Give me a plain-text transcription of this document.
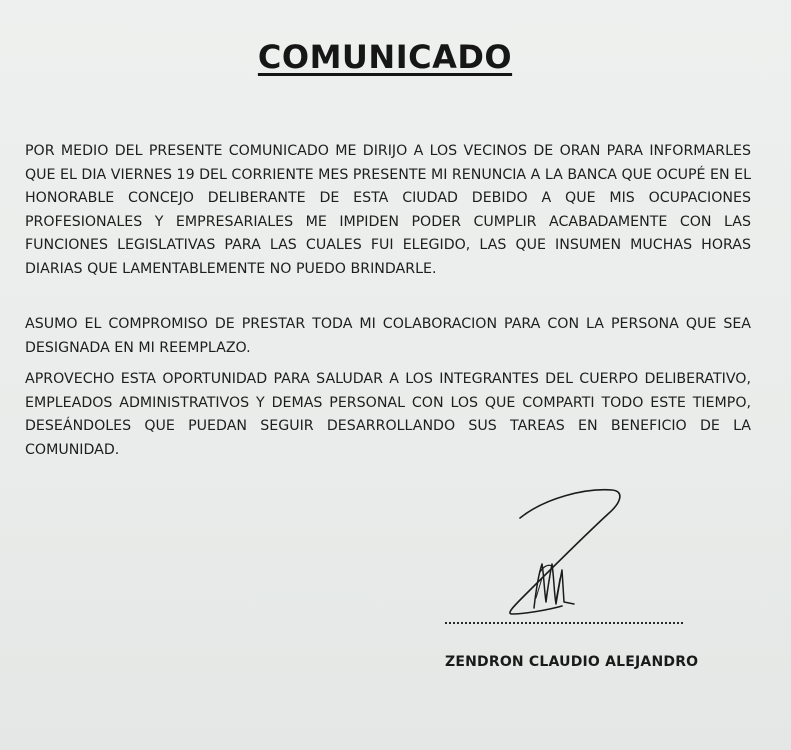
COMUNICADO
POR MEDIO DEL PRESENTE COMUNICADO ME DIRIJO A LOS VECINOS DE ORAN PARA INFORMARLES QUE EL DIA VIERNES 19 DEL CORRIENTE MES PRESENTE MI RENUNCIA A LA BANCA QUE OCUPÉ EN EL HONORABLE CONCEJO DELIBERANTE DE ESTA CIUDAD DEBIDO A QUE MIS OCUPACIONES PROFESIONALES Y EMPRESARIALES ME IMPIDEN PODER CUMPLIR ACABADAMENTE CON LAS FUNCIONES LEGISLATIVAS PARA LAS CUALES FUI ELEGIDO, LAS QUE INSUMEN MUCHAS HORAS DIARIAS QUE LAMENTABLEMENTE NO PUEDO BRINDARLE.
ASUMO EL COMPROMISO DE PRESTAR TODA MI COLABORACION PARA CON LA PERSONA QUE SEA DESIGNADA EN MI REEMPLAZO.
APROVECHO ESTA OPORTUNIDAD PARA SALUDAR A LOS INTEGRANTES DEL CUERPO DELIBERATIVO, EMPLEADOS ADMINISTRATIVOS Y DEMAS PERSONAL CON LOS QUE COMPARTI TODO ESTE TIEMPO, DESEÁNDOLES QUE PUEDAN SEGUIR DESARROLLANDO SUS TAREAS EN BENEFICIO DE LA COMUNIDAD.
ZENDRON CLAUDIO ALEJANDRO
